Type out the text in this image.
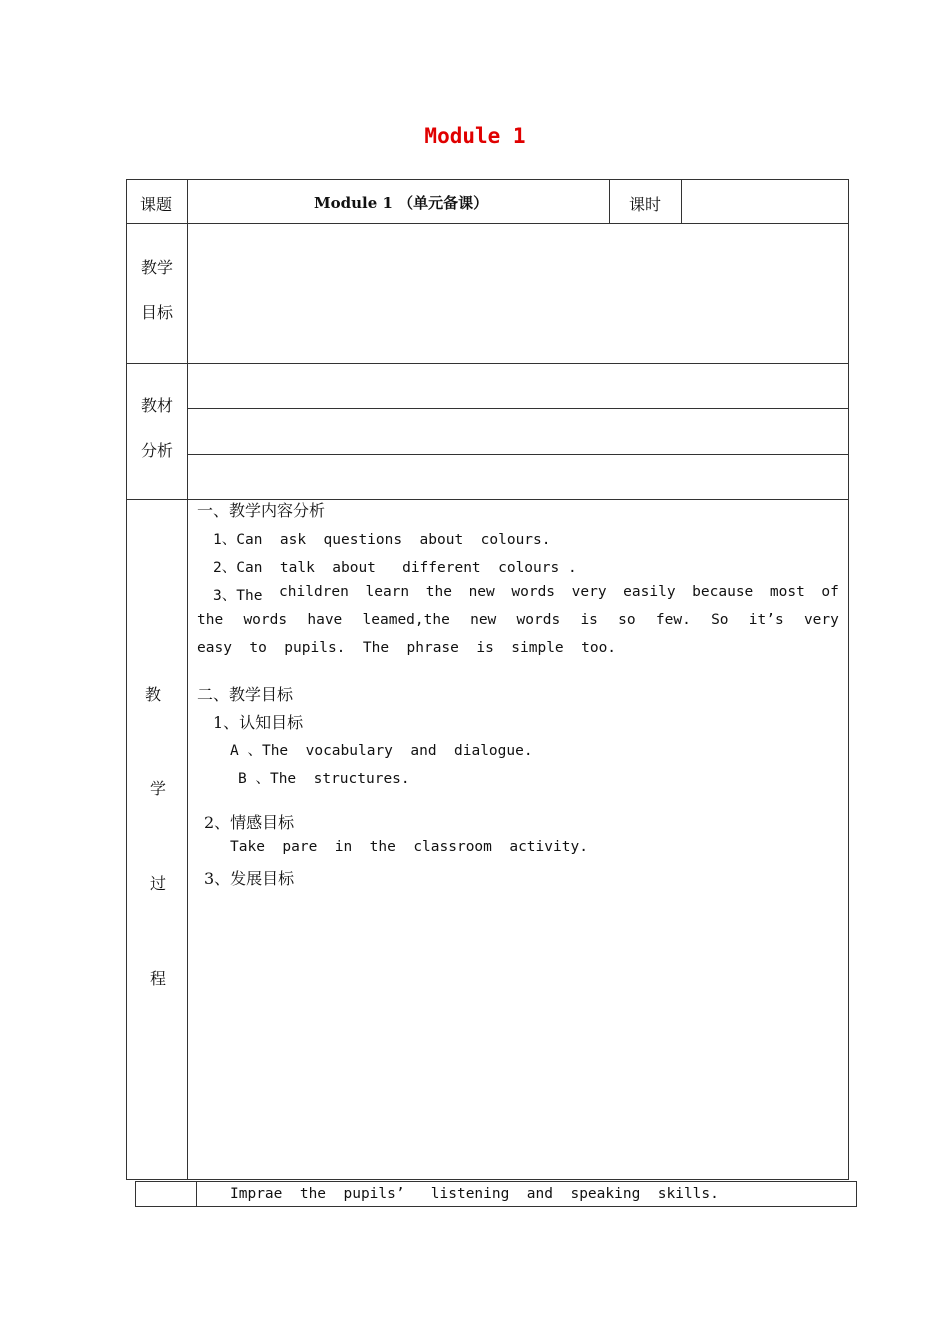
Module 1
课题	Module 1 （单元备课）	课时
教学
目标
教材
分析
教
学
过
程
一、教学内容分析
1、Can  ask  questions  about  colours.
2、Can  talk  about   different  colours .
3、The children learn the new words very easily because most of
the words have leamed,the new words is so few. So it’s very
easy  to  pupils.  The  phrase  is  simple  too.
二、教学目标
1、认知目标
A 、The  vocabulary  and  dialogue.
B 、The  structures.
2、情感目标
Take  pare  in  the  classroom  activity.
3、发展目标
Imprae  the  pupils’   listening  and  speaking  skills.
